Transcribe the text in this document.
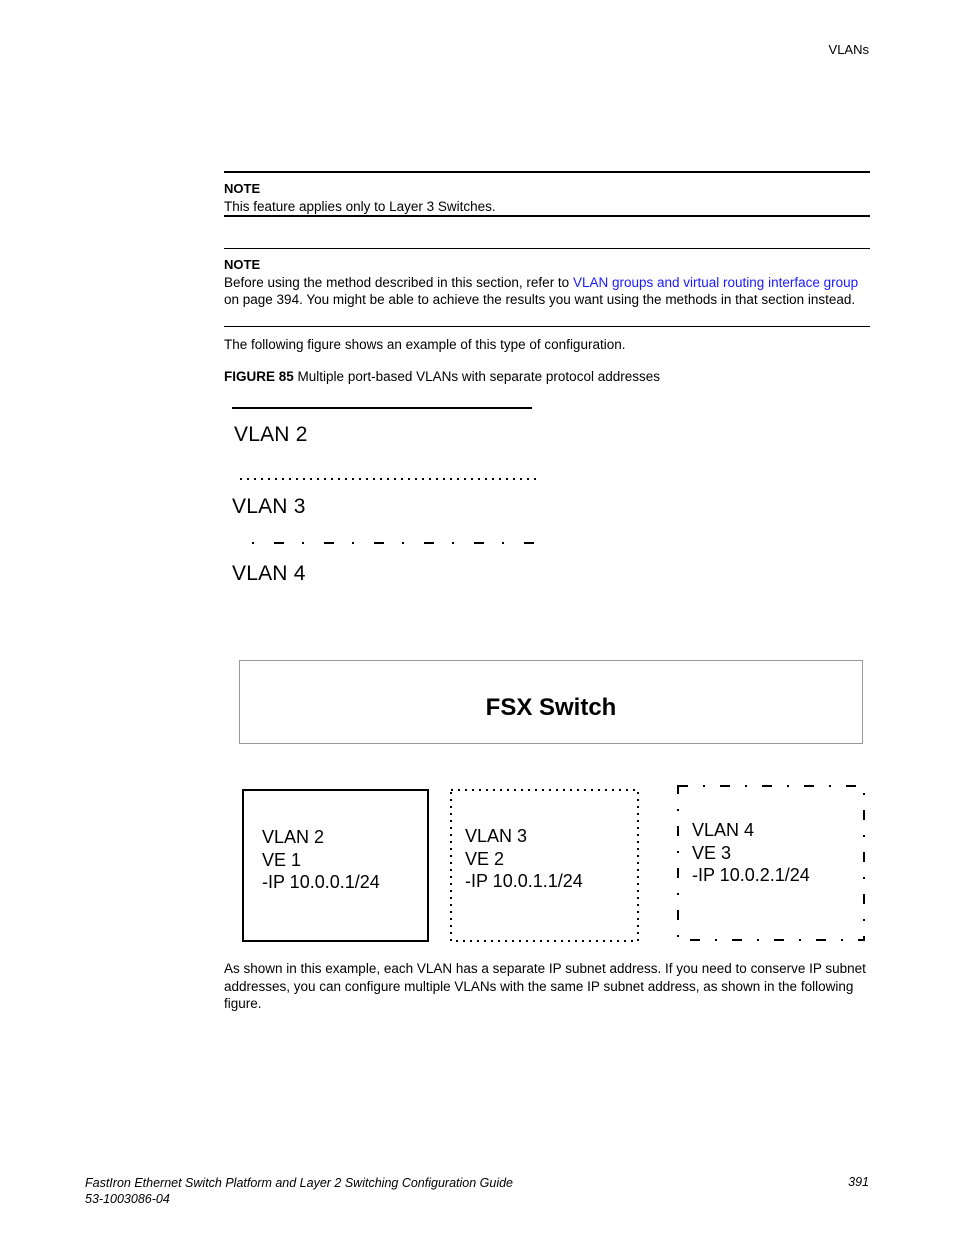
VLANs
NOTE
This feature applies only to Layer 3 Switches.
NOTE
Before using the method described in this section, refer to VLAN groups and virtual routing interface group on page 394. You might be able to achieve the results you want using the methods in that section instead.
The following figure shows an example of this type of configuration.
FIGURE 85 Multiple port-based VLANs with separate protocol addresses
VLAN 2
VLAN 3
VLAN 4
FSX Switch
VLAN 2
VE 1
-IP 10.0.0.1/24
VLAN 3
VE 2
-IP 10.0.1.1/24
VLAN 4
VE 3
-IP 10.0.2.1/24
As shown in this example, each VLAN has a separate IP subnet address. If you need to conserve IP subnet addresses, you can configure multiple VLANs with the same IP subnet address, as shown in the following figure.
FastIron Ethernet Switch Platform and Layer 2 Switching Configuration Guide
53-1003086-04
391
